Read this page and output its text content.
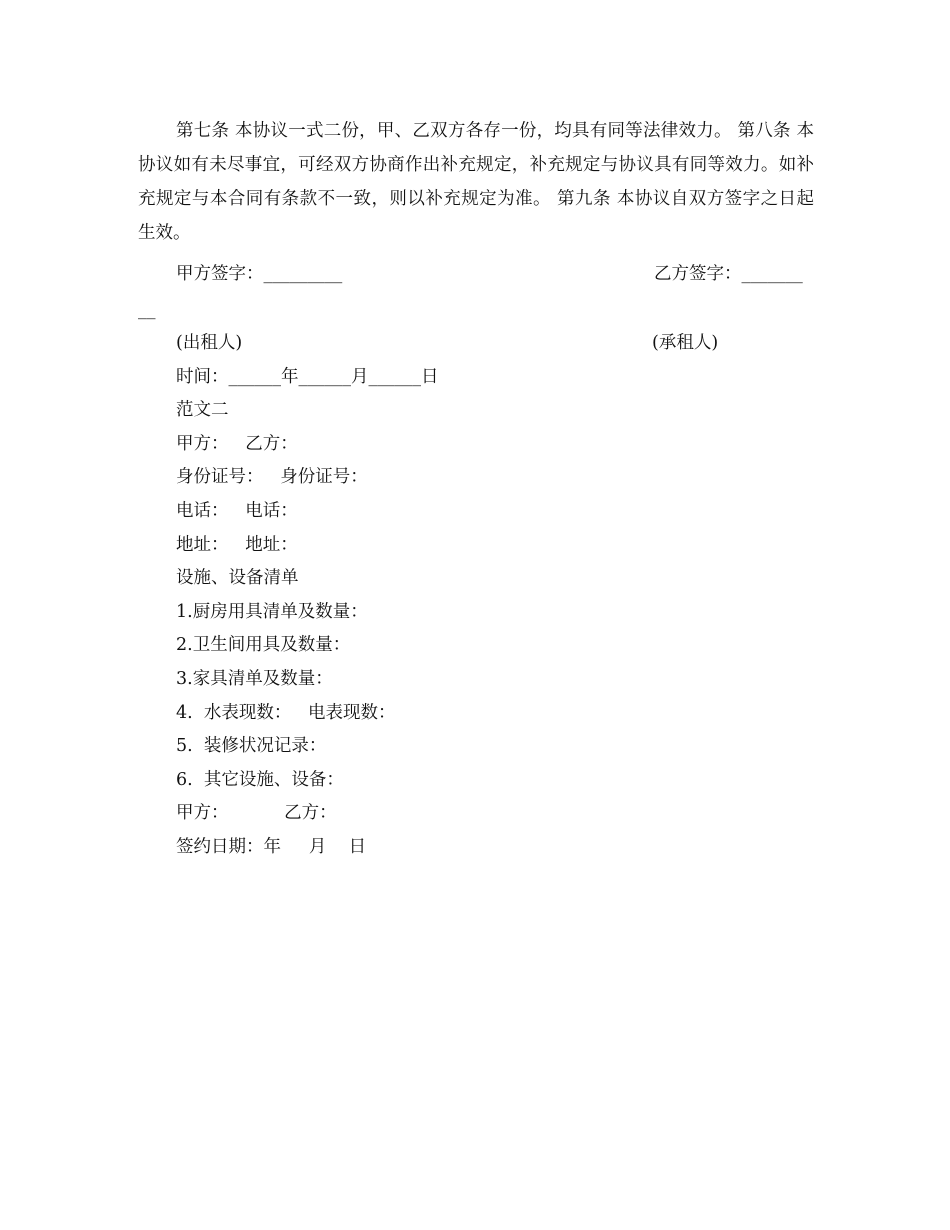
第七条 本协议一式二份，甲、乙双方各存一份，均具有同等法律效力。 第八条 本协议如有未尽事宜，可经双方协商作出补充规定，补充规定与协议具有同等效力。如补充规定与本合同有条款不一致，则以补充规定为准。 第九条 本协议自双方签字之日起生效。

甲方签字：_________	乙方签字：_______
__
(出租人)	(承租人)
时间：______年______月______日
范文二
甲方：   乙方：
身份证号：   身份证号：
电话：   电话：
地址：   地址：
设施、设备清单
1.厨房用具清单及数量：
2.卫生间用具及数量：
3.家具清单及数量：
4.  水表现数：   电表现数：
5.  装修状况记录：
6.  其它设施、设备：
甲方：          乙方：
签约日期：年     月    日
